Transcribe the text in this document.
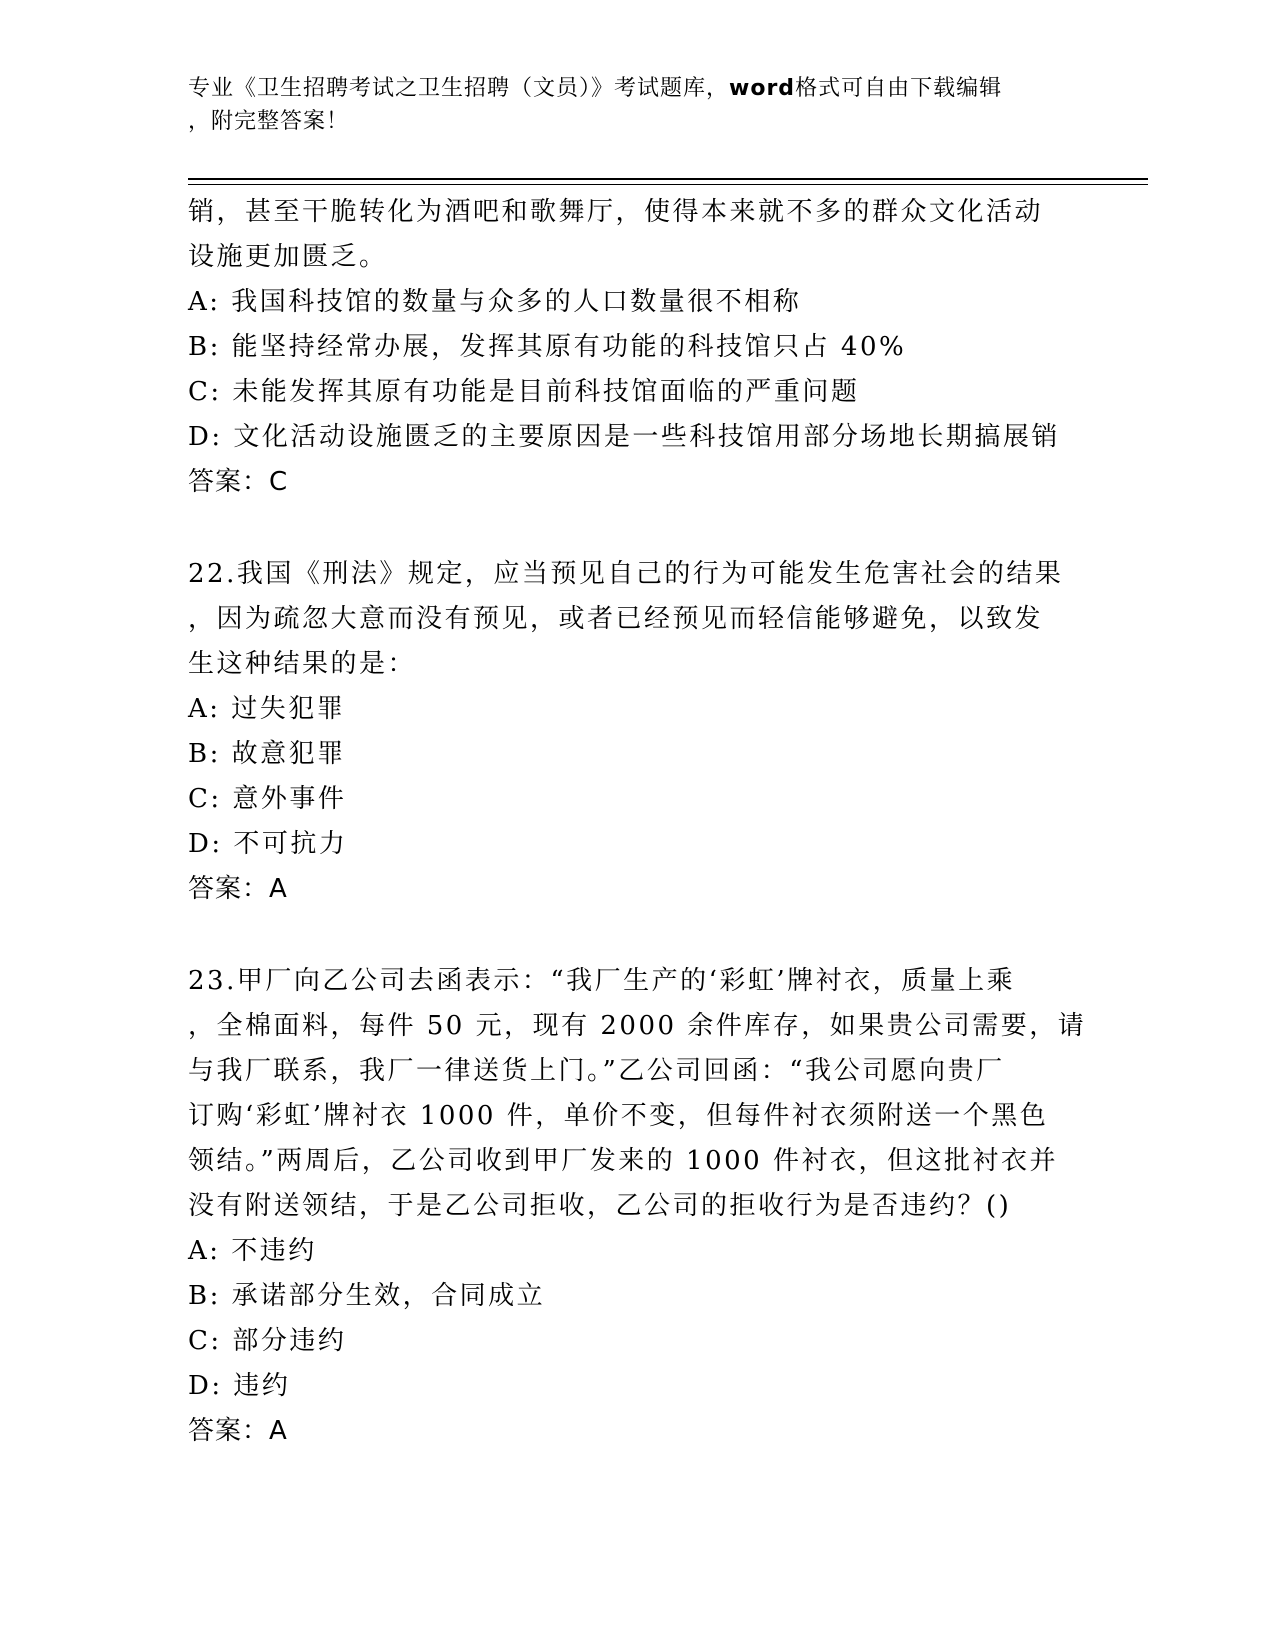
专业《卫生招聘考试之卫生招聘（文员）》考试题库，word格式可自由下载编辑
，附完整答案！
销，甚至干脆转化为酒吧和歌舞厅，使得本来就不多的群众文化活动
设施更加匮乏。
A: 我国科技馆的数量与众多的人口数量很不相称
B: 能坚持经常办展，发挥其原有功能的科技馆只占 40%
C: 未能发挥其原有功能是目前科技馆面临的严重问题
D: 文化活动设施匮乏的主要原因是一些科技馆用部分场地长期搞展销
答案：C
22.我国《刑法》规定，应当预见自己的行为可能发生危害社会的结果
，因为疏忽大意而没有预见，或者已经预见而轻信能够避免，以致发
生这种结果的是：
A: 过失犯罪
B: 故意犯罪
C: 意外事件
D: 不可抗力
答案：A
23.甲厂向乙公司去函表示：“我厂生产的‘彩虹’牌衬衣，质量上乘
，全棉面料，每件 50 元，现有 2000 余件库存，如果贵公司需要，请
与我厂联系，我厂一律送货上门。”乙公司回函：“我公司愿向贵厂
订购‘彩虹’牌衬衣 1000 件，单价不变，但每件衬衣须附送一个黑色
领结。”两周后，乙公司收到甲厂发来的 1000 件衬衣，但这批衬衣并
没有附送领结，于是乙公司拒收，乙公司的拒收行为是否违约？()
A: 不违约
B: 承诺部分生效，合同成立
C: 部分违约
D: 违约
答案：A
